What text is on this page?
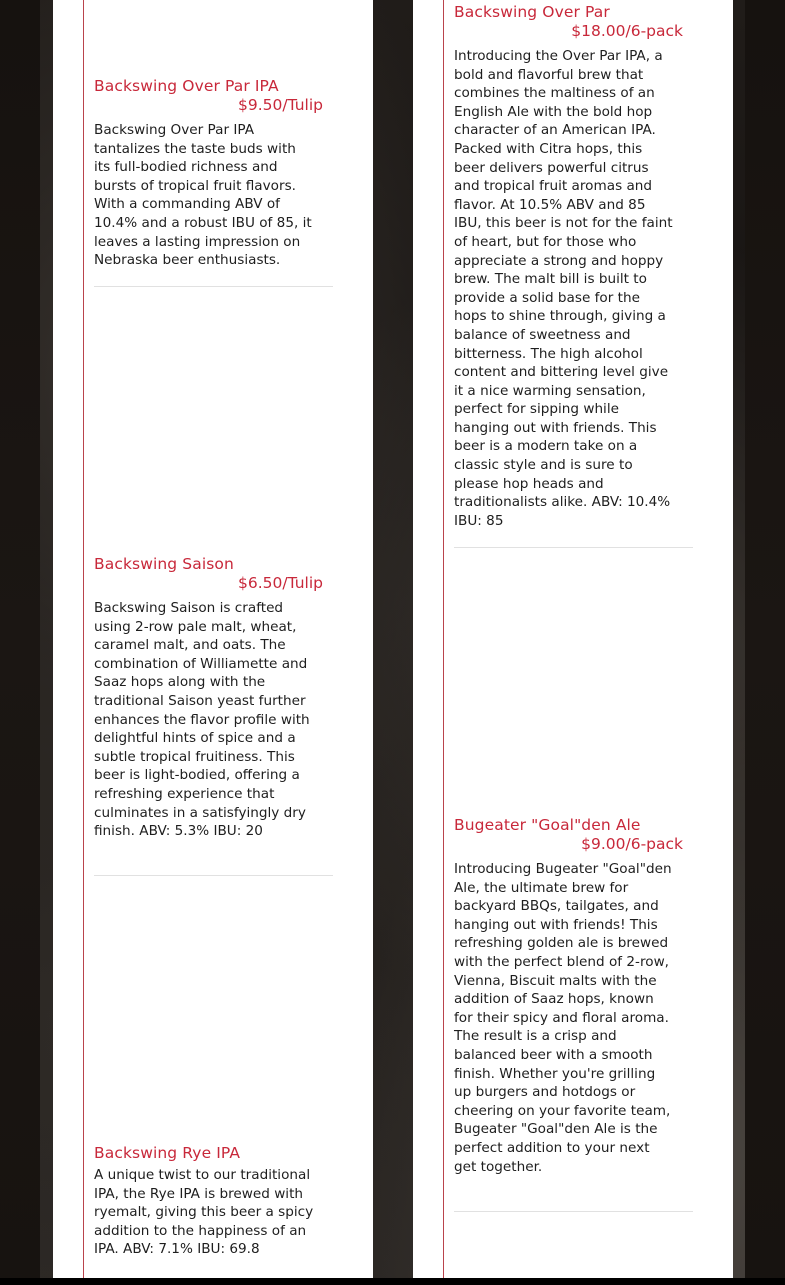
Backswing Over Par IPA
$9.50/Tulip
Backswing Over Par IPA tantalizes the taste buds with its full-bodied richness and bursts of tropical fruit flavors. With a commanding ABV of 10.4% and a robust IBU of 85, it leaves a lasting impression on Nebraska beer enthusiasts.
Backswing Saison
$6.50/Tulip
Backswing Saison is crafted using 2-row pale malt, wheat, caramel malt, and oats. The combination of Williamette and Saaz hops along with the traditional Saison yeast further enhances the flavor profile with delightful hints of spice and a subtle tropical fruitiness. This beer is light-bodied, offering a refreshing experience that culminates in a satisfyingly dry finish. ABV: 5.3% IBU: 20
Backswing Rye IPA
A unique twist to our traditional IPA, the Rye IPA is brewed with ryemalt, giving this beer a spicy addition to the happiness of an IPA. ABV: 7.1% IBU: 69.8
Backswing Over Par
$18.00/6-pack
Introducing the Over Par IPA, a bold and flavorful brew that combines the maltiness of an English Ale with the bold hop character of an American IPA. Packed with Citra hops, this beer delivers powerful citrus and tropical fruit aromas and flavor. At 10.5% ABV and 85 IBU, this beer is not for the faint of heart, but for those who appreciate a strong and hoppy brew. The malt bill is built to provide a solid base for the hops to shine through, giving a balance of sweetness and bitterness. The high alcohol content and bittering level give it a nice warming sensation, perfect for sipping while hanging out with friends. This beer is a modern take on a classic style and is sure to please hop heads and traditionalists alike. ABV: 10.4% IBU: 85
Bugeater "Goal"den Ale
$9.00/6-pack
Introducing Bugeater "Goal"den Ale, the ultimate brew for backyard BBQs, tailgates, and hanging out with friends! This refreshing golden ale is brewed with the perfect blend of 2-row, Vienna, Biscuit malts with the addition of Saaz hops, known for their spicy and floral aroma. The result is a crisp and balanced beer with a smooth finish. Whether you're grilling up burgers and hotdogs or cheering on your favorite team, Bugeater "Goal"den Ale is the perfect addition to your next get together.
